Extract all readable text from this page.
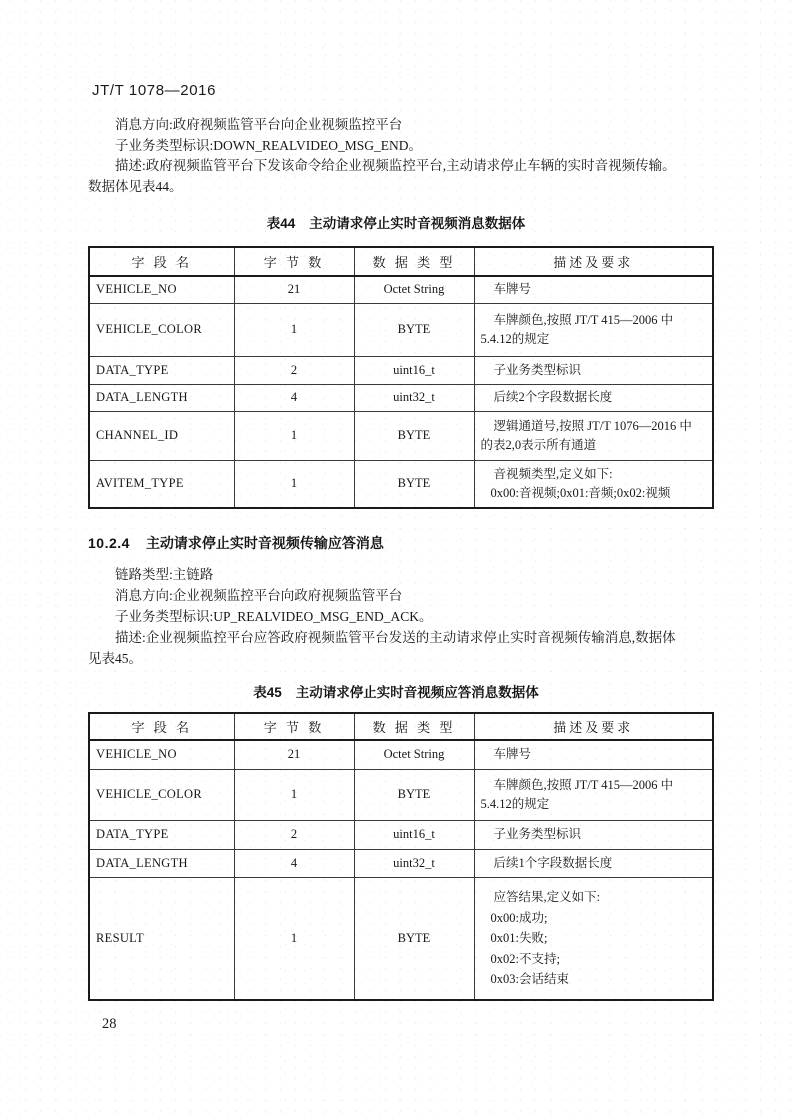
JT/T 1078—2016
消息方向:政府视频监管平台向企业视频监控平台
子业务类型标识:DOWN_REALVIDEO_MSG_END。
描述:政府视频监管平台下发该命令给企业视频监控平台,主动请求停止车辆的实时音视频传输。
数据体见表44。
表44 主动请求停止实时音视频消息数据体
字 段 名	字 节 数	数 据 类 型	描述及要求
VEHICLE_NO	21	Octet String	车牌号

VEHICLE_COLOR	1	BYTE	车牌颜色,按照 JT/T 415—2006 中
5.4.12的规定

DATA_TYPE	2	uint16_t	子业务类型标识

DATA_LENGTH	4	uint32_t	后续2个字段数据长度

CHANNEL_ID	1	BYTE	逻辑通道号,按照 JT/T 1076—2016 中
的表2,0表示所有通道

AVITEM_TYPE	1	BYTE	音视频类型,定义如下:
0x00:音视频;0x01:音频;0x02:视频
10.2.4 主动请求停止实时音视频传输应答消息
链路类型:主链路
消息方向:企业视频监控平台向政府视频监管平台
子业务类型标识:UP_REALVIDEO_MSG_END_ACK。
描述:企业视频监控平台应答政府视频监管平台发送的主动请求停止实时音视频传输消息,数据体
见表45。
表45 主动请求停止实时音视频应答消息数据体
字 段 名	字 节 数	数 据 类 型	描述及要求
VEHICLE_NO	21	Octet String	车牌号

VEHICLE_COLOR	1	BYTE	车牌颜色,按照 JT/T 415—2006 中
5.4.12的规定

DATA_TYPE	2	uint16_t	子业务类型标识

DATA_LENGTH	4	uint32_t	后续1个字段数据长度

RESULT	1	BYTE	应答结果,定义如下:
0x00:成功;
0x01:失败;
0x02:不支持;
0x03:会话结束
28
